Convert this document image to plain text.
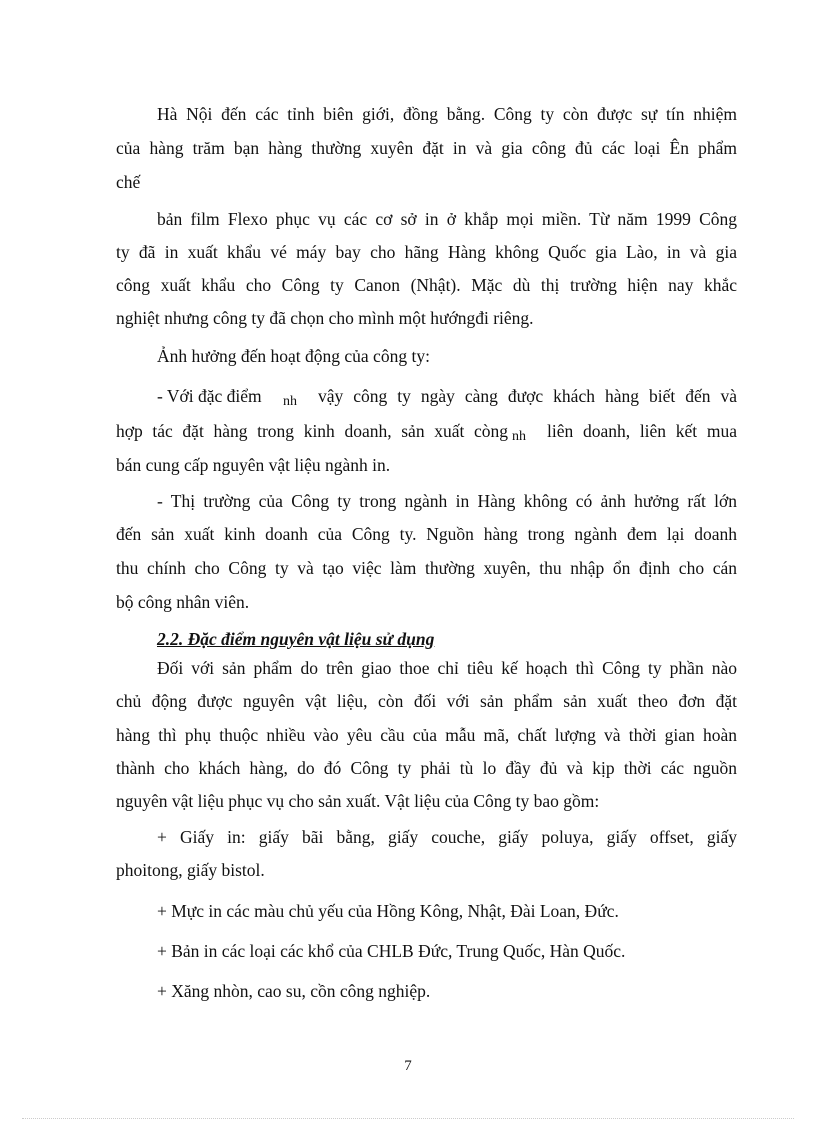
Hà Nội đến các tỉnh biên giới, đồng bằng. Công ty còn được sự tín nhiệm
của hàng trăm bạn hàng thường xuyên đặt in và gia công đủ các loại Ên phẩm
chế
bản film Flexo phục vụ các cơ sở in ở khắp mọi miền. Từ năm 1999 Công
ty đã in xuất khẩu vé máy bay cho hãng Hàng không Quốc gia Lào, in và gia
công xuất khẩu cho Công ty Canon (Nhật). Mặc dù thị trường hiện nay khắc
nghiệt nhưng công ty đã chọn cho mình một hướngđi riêng.
Ảnh hưởng đến hoạt động của công ty:
- Với đặc điểm nh vậy công ty ngày càng được khách hàng biết đến và
hợp tác đặt hàng trong kinh doanh, sản xuất còng nh liên doanh, liên kết mua
bán cung cấp nguyên vật liệu ngành in.
- Thị trường của Công ty trong ngành in Hàng không có ảnh hưởng rất lớn
đến sản xuất kinh doanh của Công ty. Nguồn hàng trong ngành đem lại doanh
thu chính cho Công ty và tạo việc làm thường xuyên, thu nhập ổn định cho cán
bộ công nhân viên.
2.2. Đặc điểm nguyên vật liệu sử dụng
Đối với sản phẩm do trên giao thoe chỉ tiêu kế hoạch thì Công ty phần nào
chủ động được nguyên vật liệu, còn đối với sản phẩm sản xuất theo đơn đặt
hàng thì phụ thuộc nhiều vào yêu cầu của mẫu mã, chất lượng và thời gian hoàn
thành cho khách hàng, do đó Công ty phải tù lo đầy đủ và kịp thời các nguồn
nguyên vật liệu phục vụ cho sản xuất. Vật liệu của Công ty bao gồm:
+ Giấy in: giấy bãi bằng, giấy couche, giấy poluya, giấy offset, giấy
phoitong, giấy bistol.
+ Mực in các màu chủ yếu của Hồng Kông, Nhật, Đài Loan, Đức.
+ Bản in các loại các khổ của CHLB Đức, Trung Quốc, Hàn Quốc.
+ Xăng nhòn, cao su, cồn công nghiệp.
7
